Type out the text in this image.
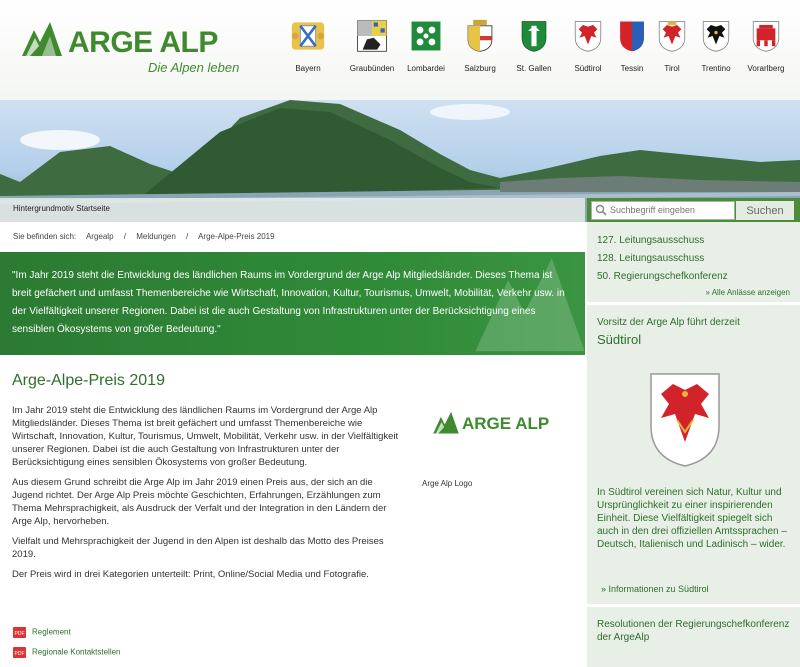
ARGE ALP
Die Alpen leben	Bayern	Graubünden	Lombardei	Salzburg	St. Gallen	Südtirol	Tessin	Tirol	Trentino	Vorarlberg
Hintergrundmotiv Startseite
Suchbegriff eingeben	Suchen
Sie befinden sich: Argealp / Meldungen / Arge-Alpe-Preis 2019

"Im Jahr 2019 steht die Entwicklung des ländlichen Raums im Vordergrund der Arge Alp Mitgliedsländer. Dieses Thema ist breit gefächert und umfasst Themenbereiche wie Wirtschaft, Innovation, Kultur, Tourismus, Umwelt, Mobilität, Verkehr usw. in der Vielfältigkeit unserer Regionen. Dabei ist die auch Gestaltung von Infrastrukturen unter der Berücksichtigung eines sensiblen Ökosystems von großer Bedeutung."

Arge-Alpe-Preis 2019

Im Jahr 2019 steht die Entwicklung des ländlichen Raums im Vordergrund der Arge Alp Mitgliedsländer. Dieses Thema ist breit gefächert und umfasst Themenbereiche wie Wirtschaft, Innovation, Kultur, Tourismus, Umwelt, Mobilität, Verkehr usw. in der Vielfältigkeit unserer Regionen. Dabei ist die auch Gestaltung von Infrastrukturen unter der Berücksichtigung eines sensiblen Ökosystems von großer Bedeutung.

Aus diesem Grund schreibt die Arge Alp im Jahr 2019 einen Preis aus, der sich an die Jugend richtet. Der Arge Alp Preis möchte Geschichten, Erfahrungen, Erzählungen zum Thema Mehrsprachigkeit, als Ausdruck der Verfalt und der Integration in den Ländern der Arge Alp, hervorheben.

Vielfalt und Mehrsprachigkeit der Jugend in den Alpen ist deshalb das Motto des Preises 2019.

Der Preis wird in drei Kategorien unterteilt: Print, Online/Social Media und Fotografie.

ARGE ALP
Arge Alp Logo
PDF Reglement
PDF Regionale Kontaktstellen
127. Leitungsausschuss
128. Leitungsausschuss
50. Regierungschefkonferenz
» Alle Anlässe anzeigen
Vorsitz der Arge Alp führt derzeit
Südtirol
In Südtirol vereinen sich Natur, Kultur und Ursprünglichkeit zu einer inspirierenden Einheit. Diese Vielfältigkeit spiegelt sich auch in den drei offiziellen Amtssprachen – Deutsch, Italienisch und Ladinisch – wider.
» Informationen zu Südtirol
Resolutionen der Regierungschefkonferenz der ArgeAlp
